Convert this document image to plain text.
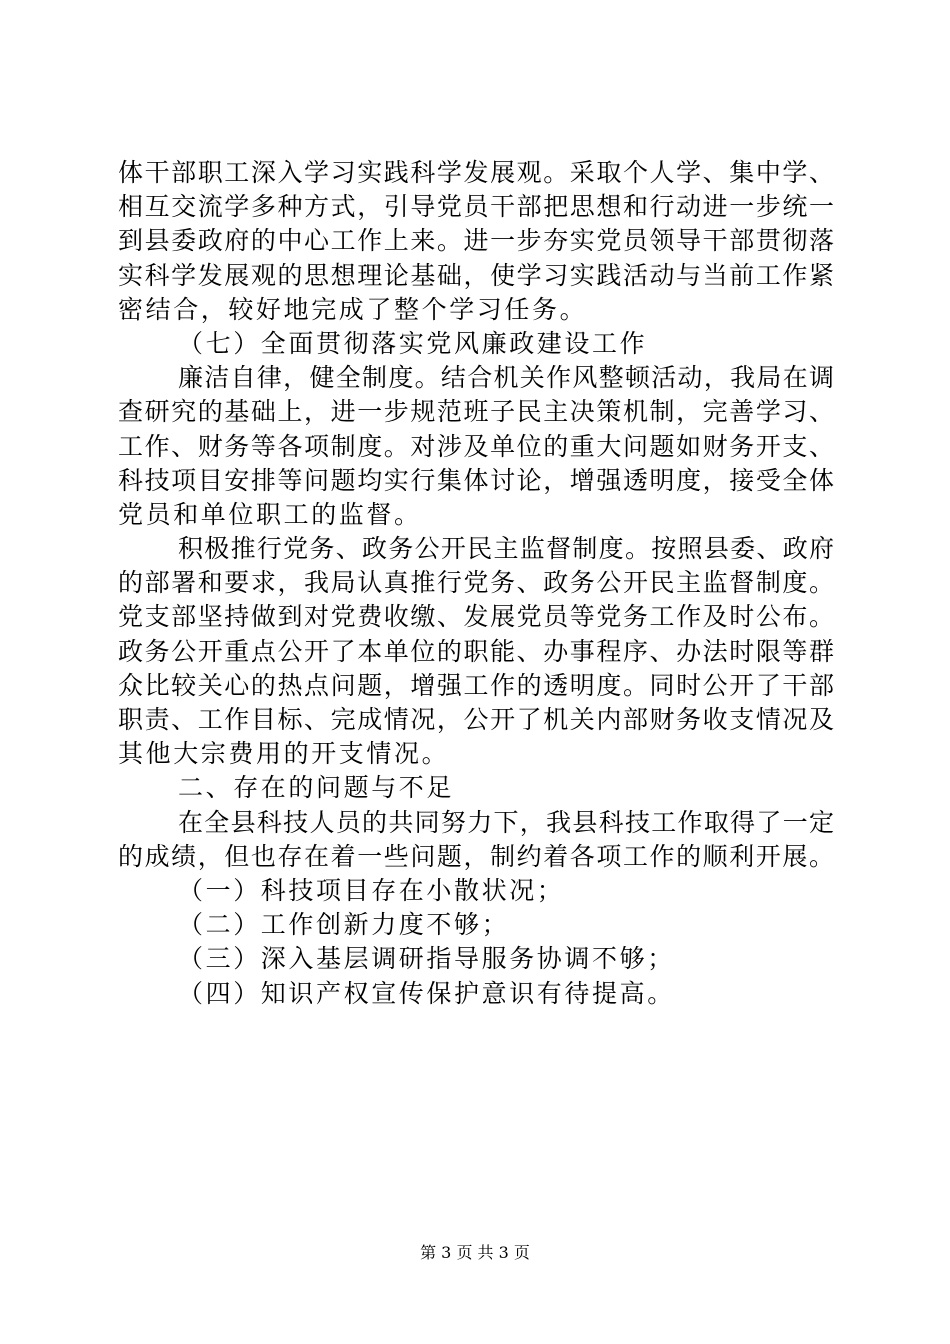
体干部职工深入学习实践科学发展观。采取个人学、集中学、
相互交流学多种方式，引导党员干部把思想和行动进一步统一
到县委政府的中心工作上来。进一步夯实党员领导干部贯彻落
实科学发展观的思想理论基础，使学习实践活动与当前工作紧
密结合，较好地完成了整个学习任务。
（七）全面贯彻落实党风廉政建设工作
廉洁自律，健全制度。结合机关作风整顿活动，我局在调
查研究的基础上，进一步规范班子民主决策机制，完善学习、
工作、财务等各项制度。对涉及单位的重大问题如财务开支、
科技项目安排等问题均实行集体讨论，增强透明度，接受全体
党员和单位职工的监督。
积极推行党务、政务公开民主监督制度。按照县委、政府
的部署和要求，我局认真推行党务、政务公开民主监督制度。
党支部坚持做到对党费收缴、发展党员等党务工作及时公布。
政务公开重点公开了本单位的职能、办事程序、办法时限等群
众比较关心的热点问题，增强工作的透明度。同时公开了干部
职责、工作目标、完成情况，公开了机关内部财务收支情况及
其他大宗费用的开支情况。
二、存在的问题与不足
在全县科技人员的共同努力下，我县科技工作取得了一定
的成绩，但也存在着一些问题，制约着各项工作的顺利开展。
（一）科技项目存在小散状况；
（二）工作创新力度不够；
（三）深入基层调研指导服务协调不够；
（四）知识产权宣传保护意识有待提高。
第 3 页 共 3 页
